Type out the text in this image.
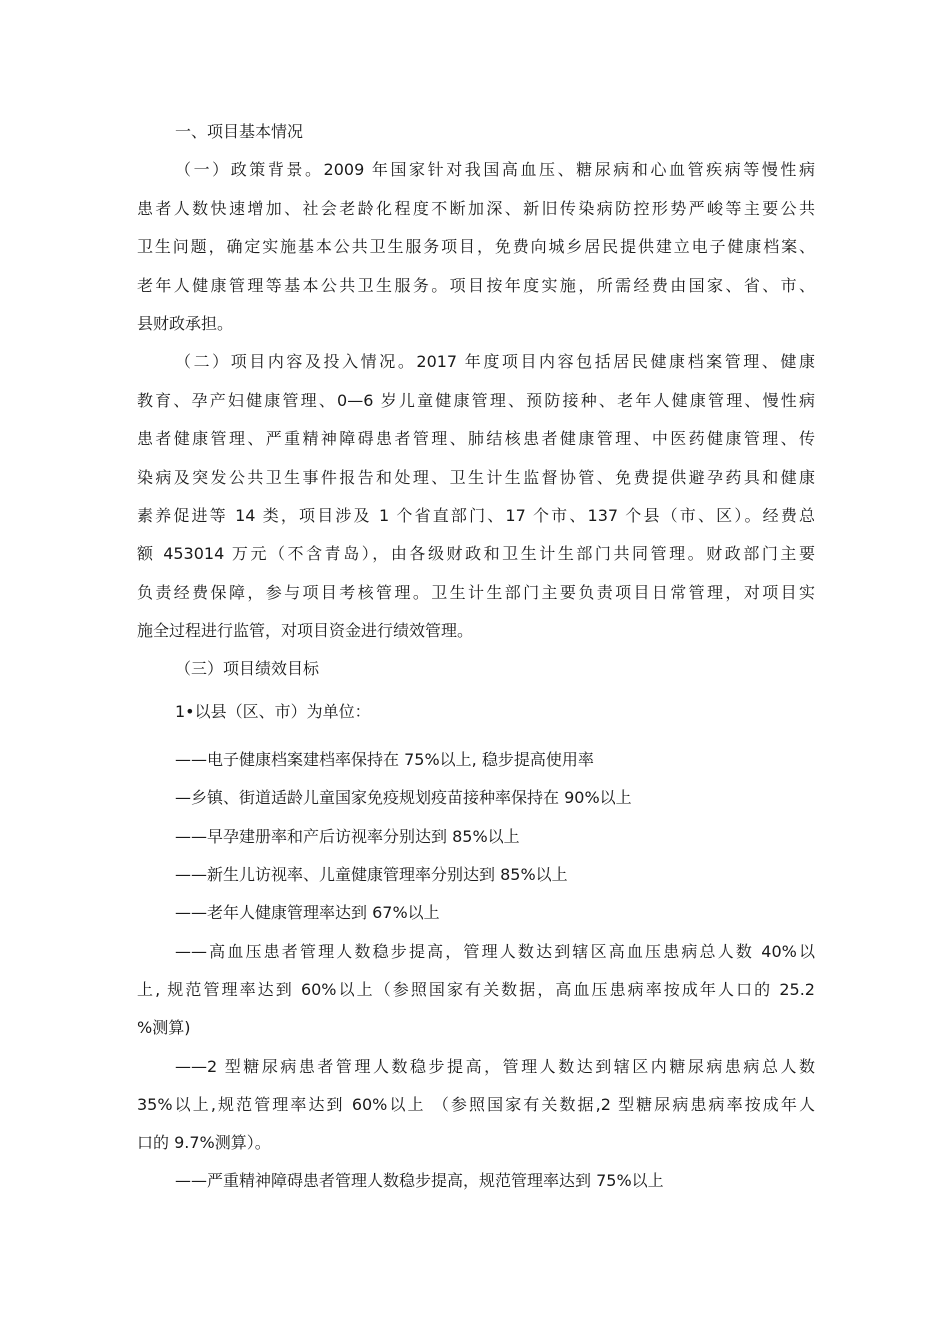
一、项目基本情况
（一）政策背景。2009 年国家针对我国高血压、糖尿病和心血管疾病等慢性病
患者人数快速增加、社会老龄化程度不断加深、新旧传染病防控形势严峻等主要公共
卫生问题，确定实施基本公共卫生服务项目，免费向城乡居民提供建立电子健康档案、
老年人健康管理等基本公共卫生服务。项目按年度实施，所需经费由国家、省、市、
县财政承担。
（二）项目内容及投入情况。2017 年度项目内容包括居民健康档案管理、健康
教育、孕产妇健康管理、0—6 岁儿童健康管理、预防接种、老年人健康管理、慢性病
患者健康管理、严重精神障碍患者管理、肺结核患者健康管理、中医药健康管理、传
染病及突发公共卫生事件报告和处理、卫生计生监督协管、免费提供避孕药具和健康
素养促进等 14 类，项目涉及 1 个省直部门、17 个市、137 个县（市、区）。经费总
额 453014 万元（不含青岛），由各级财政和卫生计生部门共同管理。财政部门主要
负责经费保障，参与项目考核管理。卫生计生部门主要负责项目日常管理，对项目实
施全过程进行监管，对项目资金进行绩效管理。
（三）项目绩效目标
1•以县（区、市）为单位：
——电子健康档案建档率保持在 75%以上, 稳步提高使用率
—乡镇、街道适龄儿童国家免疫规划疫苗接种率保持在 90%以上
——早孕建册率和产后访视率分别达到 85%以上
——新生儿访视率、儿童健康管理率分别达到 85%以上
——老年人健康管理率达到 67%以上
——高血压患者管理人数稳步提高，管理人数达到辖区高血压患病总人数 40%以
上, 规范管理率达到 60%以上（参照国家有关数据，高血压患病率按成年人口的 25.2
%测算)
——2 型糖尿病患者管理人数稳步提高，管理人数达到辖区内糖尿病患病总人数
35%以上,规范管理率达到 60%以上 （参照国家有关数据,2 型糖尿病患病率按成年人
口的 9.7%测算）。
——严重精神障碍患者管理人数稳步提高，规范管理率达到 75%以上
